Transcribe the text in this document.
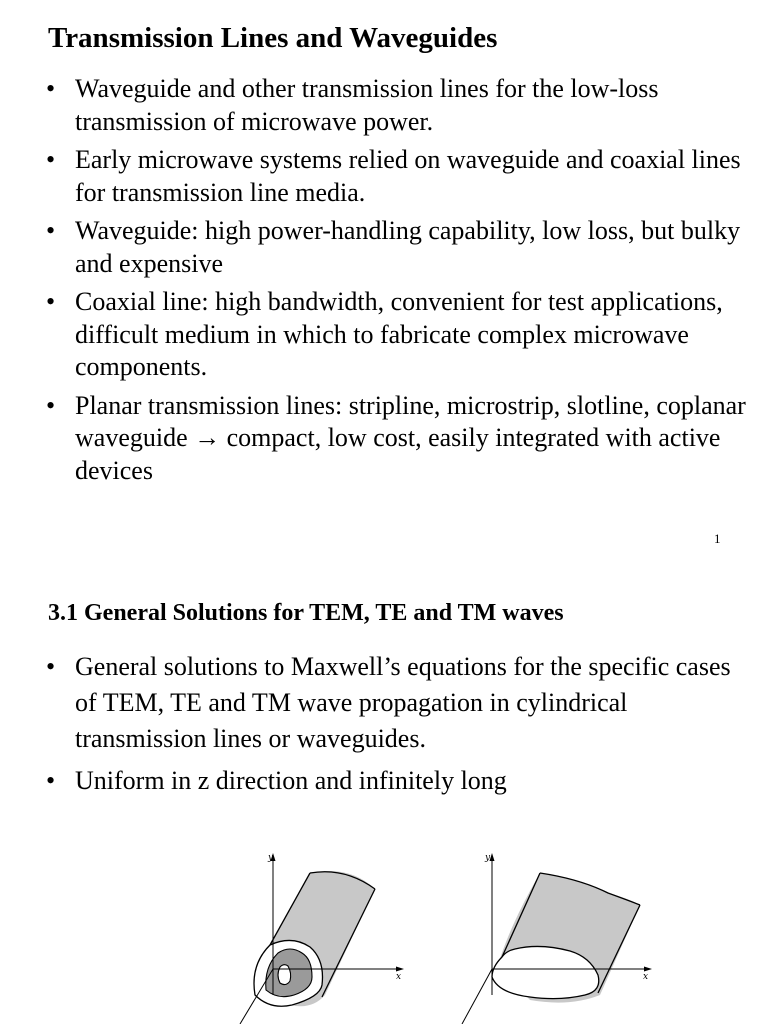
Transmission Lines and Waveguides
• Waveguide and other transmission lines for the low-loss transmission of microwave power.
• Early microwave systems relied on waveguide and coaxial lines for transmission line media.
• Waveguide: high power-handling capability, low loss, but bulky and expensive
• Coaxial line: high bandwidth, convenient for test applications, difficult medium in which to fabricate complex microwave components.
• Planar transmission lines: stripline, microstrip, slotline, coplanar waveguide → compact, low cost, easily integrated with active devices
1
3.1 General Solutions for TEM, TE and TM waves
• General solutions to Maxwell’s equations for the specific cases of TEM, TE and TM wave propagation in cylindrical transmission lines or waveguides.
• Uniform in z direction and infinitely long
y
x
y
x
